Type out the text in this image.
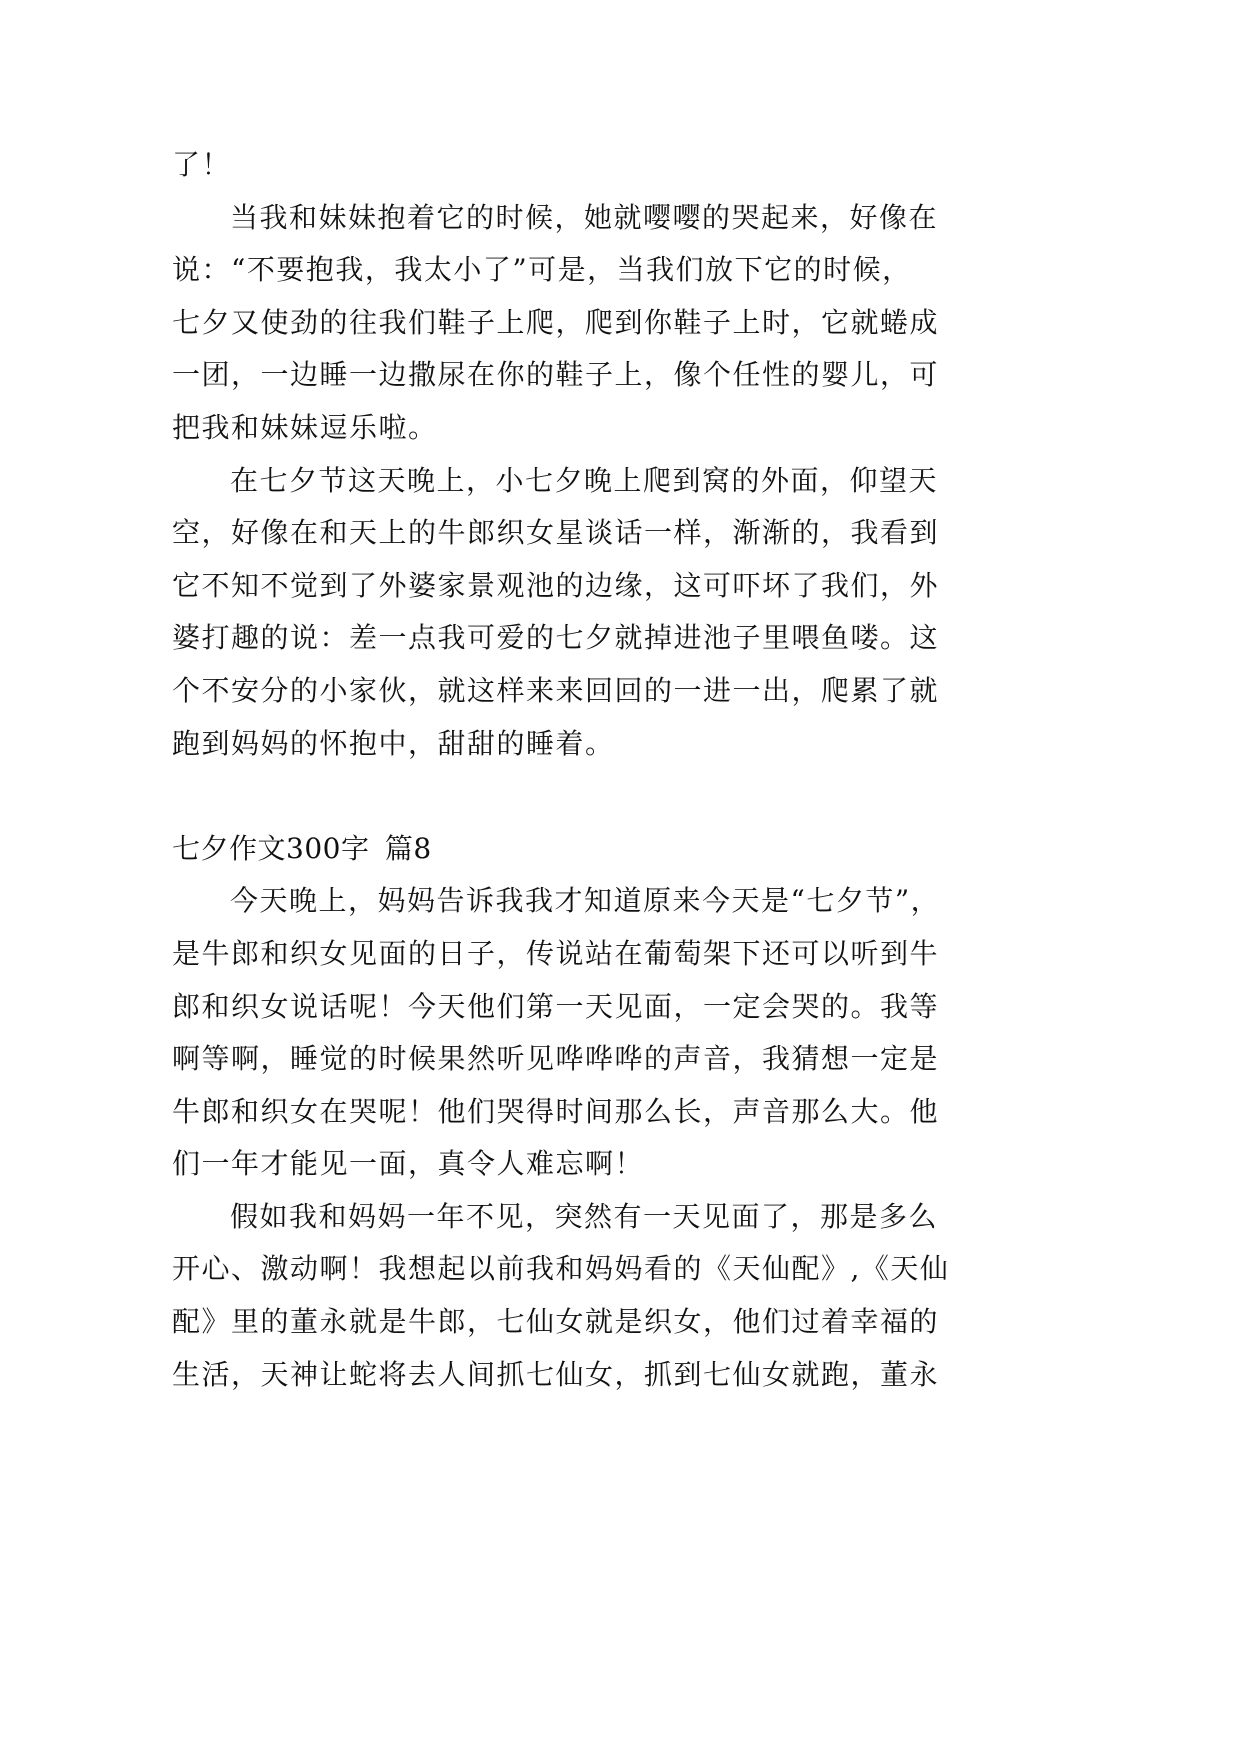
了！
当我和妹妹抱着它的时候，她就嘤嘤的哭起来，好像在
说：“不要抱我，我太小了”可是，当我们放下它的时候，
七夕又使劲的往我们鞋子上爬，爬到你鞋子上时，它就蜷成
一团，一边睡一边撒尿在你的鞋子上，像个任性的婴儿，可
把我和妹妹逗乐啦。
在七夕节这天晚上，小七夕晚上爬到窝的外面，仰望天
空，好像在和天上的牛郎织女星谈话一样，渐渐的，我看到
它不知不觉到了外婆家景观池的边缘，这可吓坏了我们，外
婆打趣的说：差一点我可爱的七夕就掉进池子里喂鱼喽。这
个不安分的小家伙，就这样来来回回的一进一出，爬累了就
跑到妈妈的怀抱中，甜甜的睡着。
七夕作文300字 篇8
今天晚上，妈妈告诉我我才知道原来今天是“七夕节”，
是牛郎和织女见面的日子，传说站在葡萄架下还可以听到牛
郎和织女说话呢！今天他们第一天见面，一定会哭的。我等
啊等啊，睡觉的时候果然听见哗哗哗的声音，我猜想一定是
牛郎和织女在哭呢！他们哭得时间那么长，声音那么大。他
们一年才能见一面，真令人难忘啊！
假如我和妈妈一年不见，突然有一天见面了，那是多么
开心、激动啊！我想起以前我和妈妈看的《天仙配》,《天仙
配》里的董永就是牛郎，七仙女就是织女，他们过着幸福的
生活，天神让蛇将去人间抓七仙女，抓到七仙女就跑，董永
